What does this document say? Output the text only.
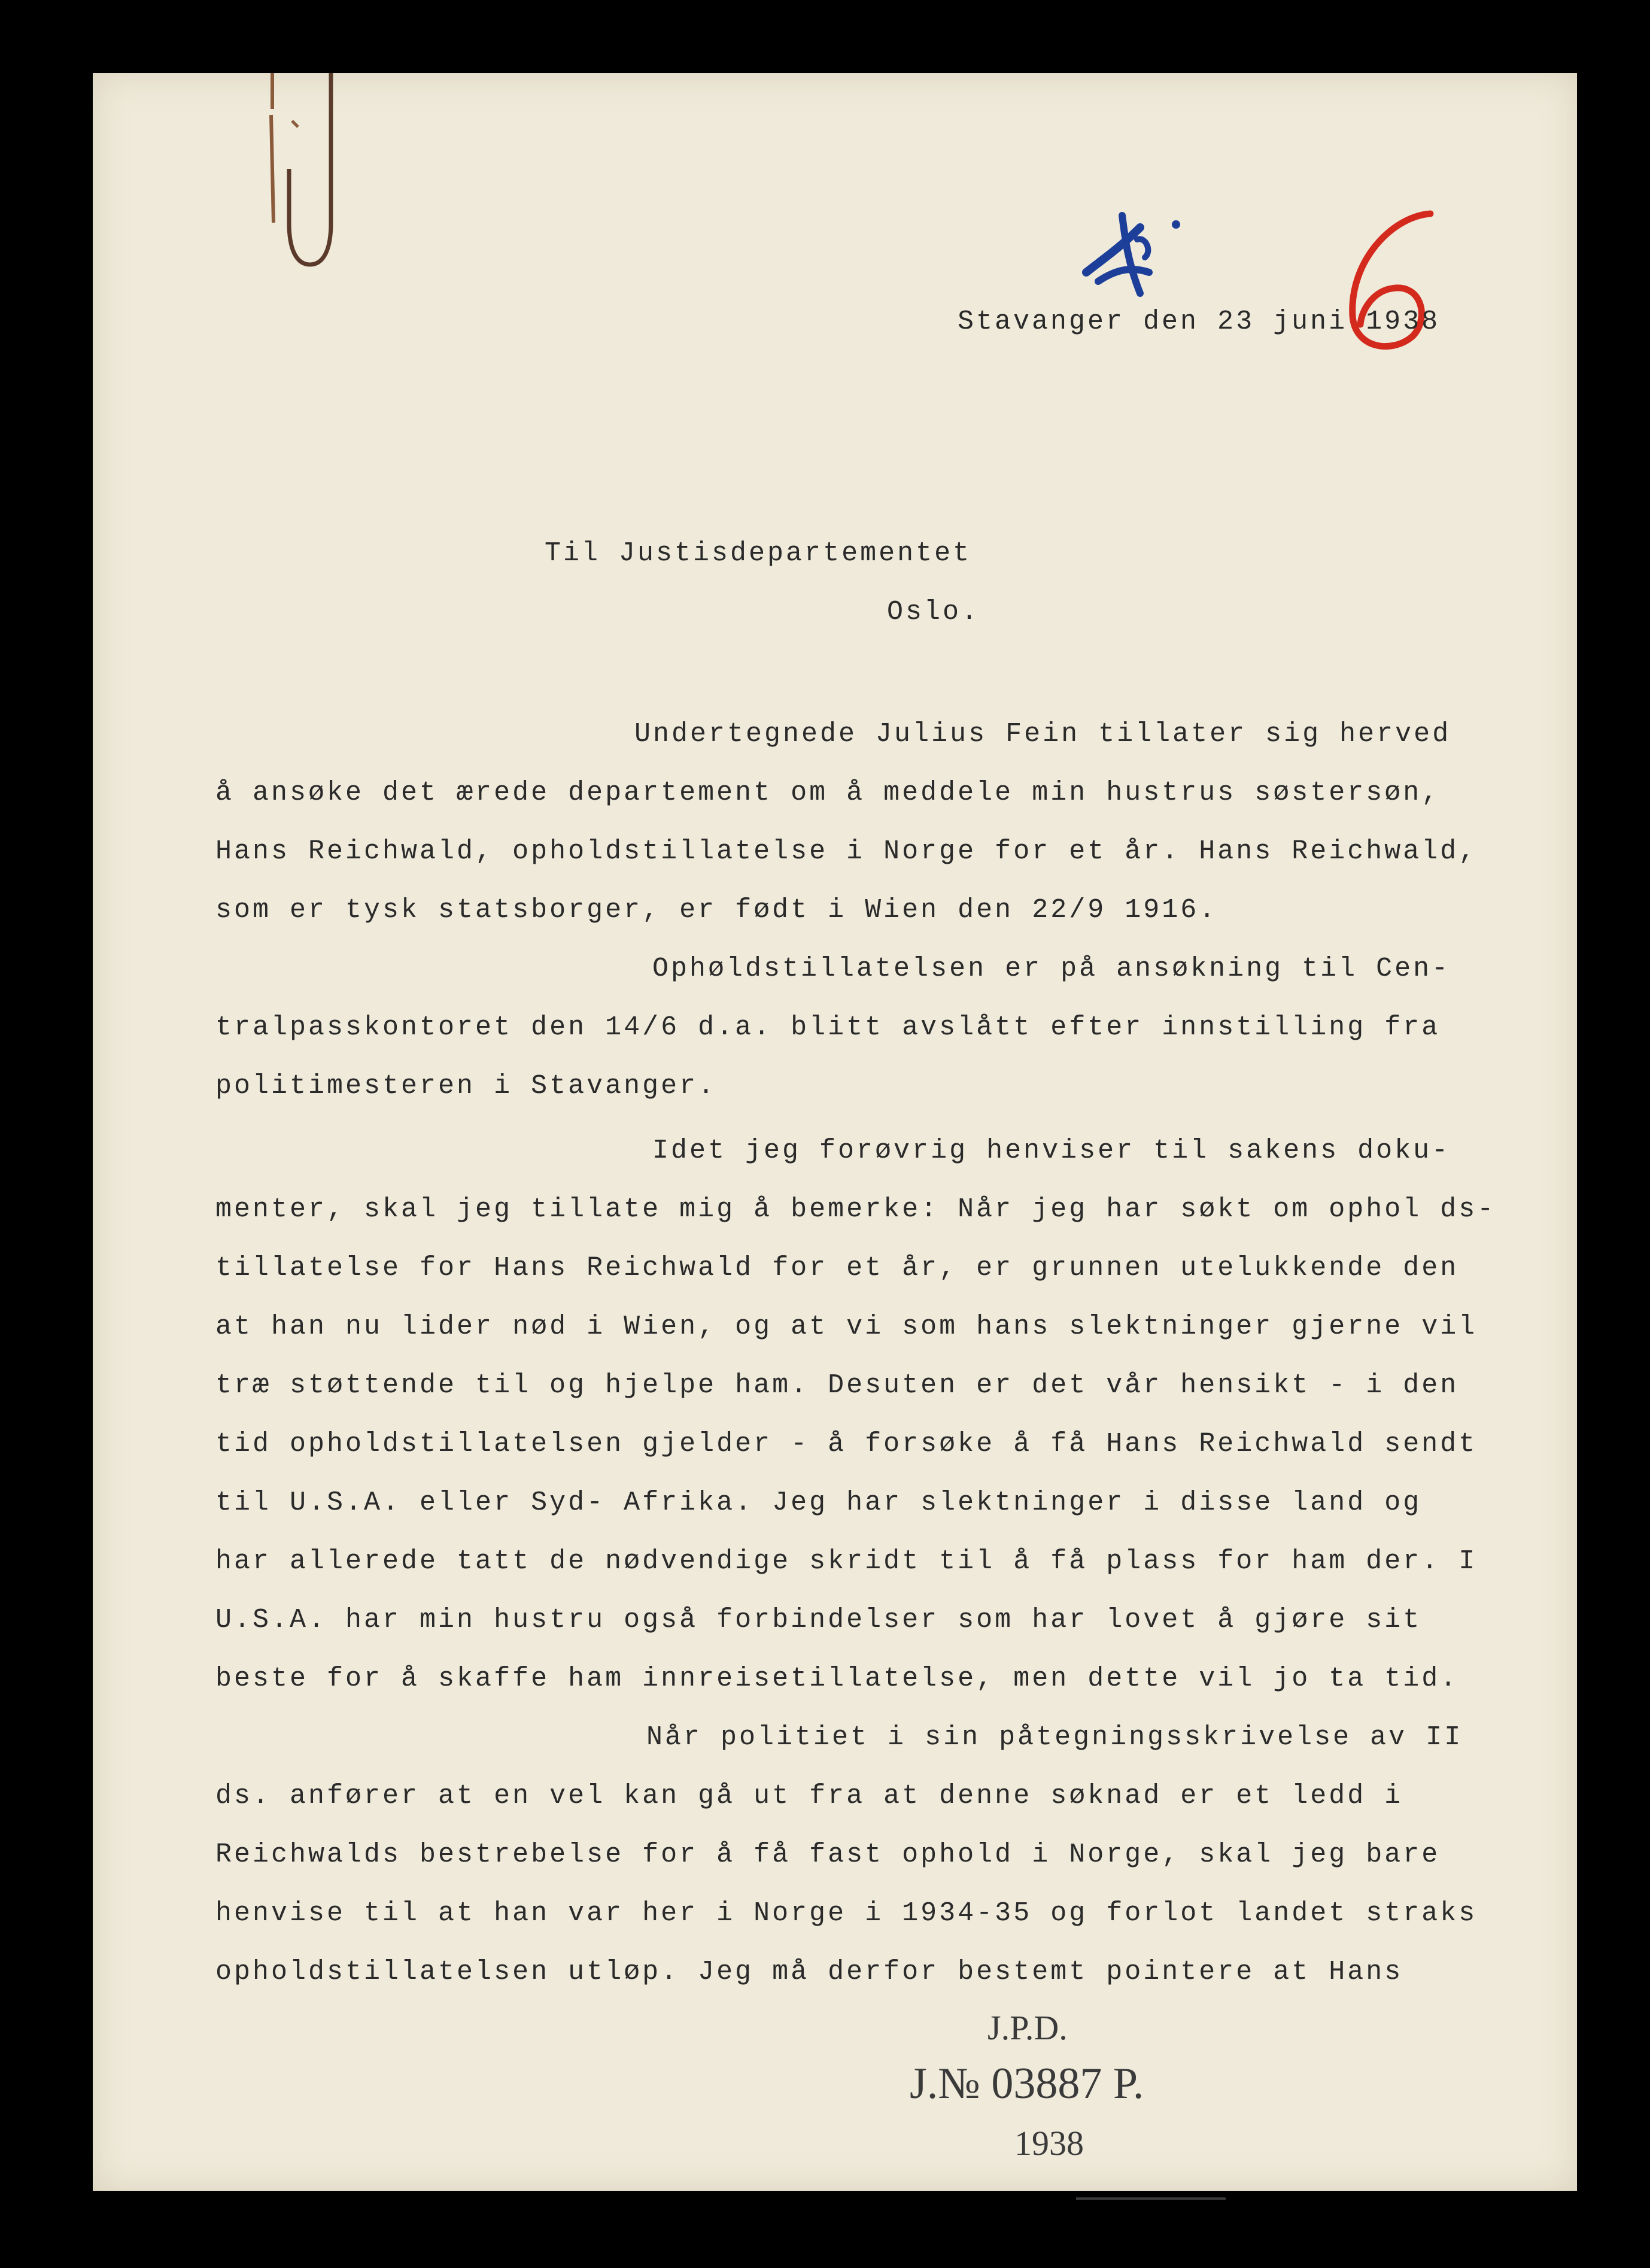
6
Stavanger den 23 juni 1938
Til Justisdepartementet
Oslo.
Undertegnede Julius Fein tillater sig herved
å ansøke det ærede departement om å meddele min hustrus søstersøn,
Hans Reichwald, opholdstillatelse i Norge for et år. Hans Reichwald,
som er tysk statsborger, er født i Wien den 22/9 1916.
Ophøldstillatelsen er på ansøkning til Cen-
tralpasskontoret den 14/6 d.a. blitt avslått efter innstilling fra
politimesteren i Stavanger.
Idet jeg forøvrig henviser til sakens doku-
menter, skal jeg tillate mig å bemerke: Når jeg har søkt om ophol ds-
tillatelse for Hans Reichwald for et år, er grunnen utelukkende den
at han nu lider nød i Wien, og at vi som hans slektninger gjerne vil
træ støttende til og hjelpe ham. Desuten er det vår hensikt - i den
tid opholdstillatelsen gjelder - å forsøke å få Hans Reichwald sendt
til U.S.A. eller Syd- Afrika. Jeg har slektninger i disse land og
har allerede tatt de nødvendige skridt til å få plass for ham der. I
U.S.A. har min hustru også forbindelser som har lovet å gjøre sit
beste for å skaffe ham innreisetillatelse, men dette vil jo ta tid.
Når politiet i sin påtegningsskrivelse av II
ds. anfører at en vel kan gå ut fra at denne søknad er et ledd i
Reichwalds bestrebelse for å få fast ophold i Norge, skal jeg bare
henvise til at han var her i Norge i 1934-35 og forlot landet straks
opholdstillatelsen utløp. Jeg må derfor bestemt pointere at Hans
J.P.D.
J.№ 03887 P.
1938
